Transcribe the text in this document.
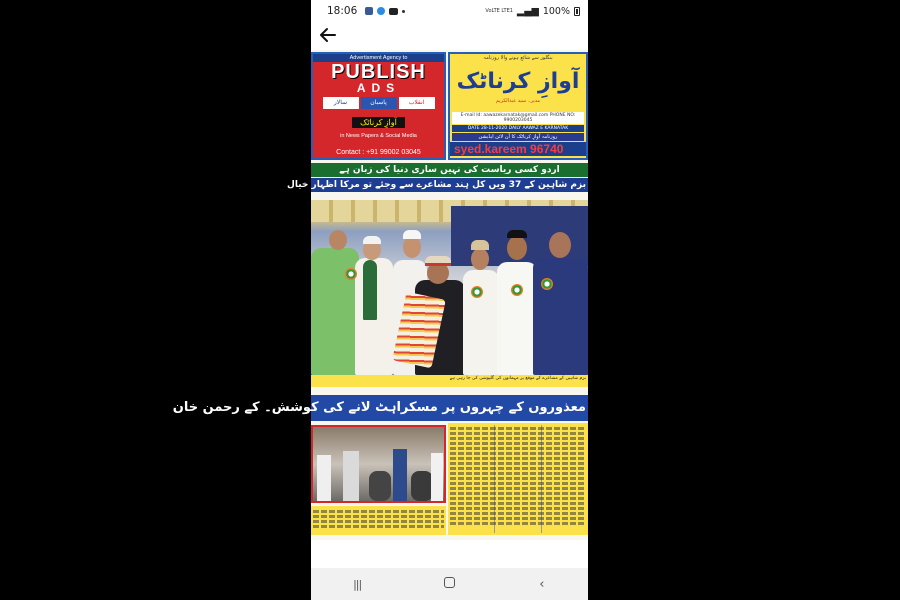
18:06	VoLTE LTE1 ▂▄▆ 100%
Advertisment Agency to
PUBLISH
ADS
سالار	پاسبان	انقلاب
آوازِ کرناٹک
in News Papers & Social Media
Contact : +91 99002 03045
بنگلور سے شائع ہونے والا روزنامہ
آوازِ کرناٹک
مدیر۔ سید عبدالکریم
E-mail Id: aawazekarnatak@gmail.com PHONE NO: 9900203045
DATE 28-11-2020 DAILY AAWAZ E KARNATAK
روزنامہ آوازِ کرناٹک کا آن لائن ایڈیشن
syed.kareem 96740
اردو کسی ریاست کی نہیں ساری دنیا کی زبان ہے
بزم شاہین کے 37 ویں کل ہند مشاعرے سے وجئے تو مرکا اظہار خیال
بزم شاہین کے مشاعرے کے موقع پر مہمانوں کی گلپوشی کی جا رہی ہے
معذوروں کے چہروں پر مسکراہٹ لانے کی کوشش۔ کے رحمن خان
|||	‹
